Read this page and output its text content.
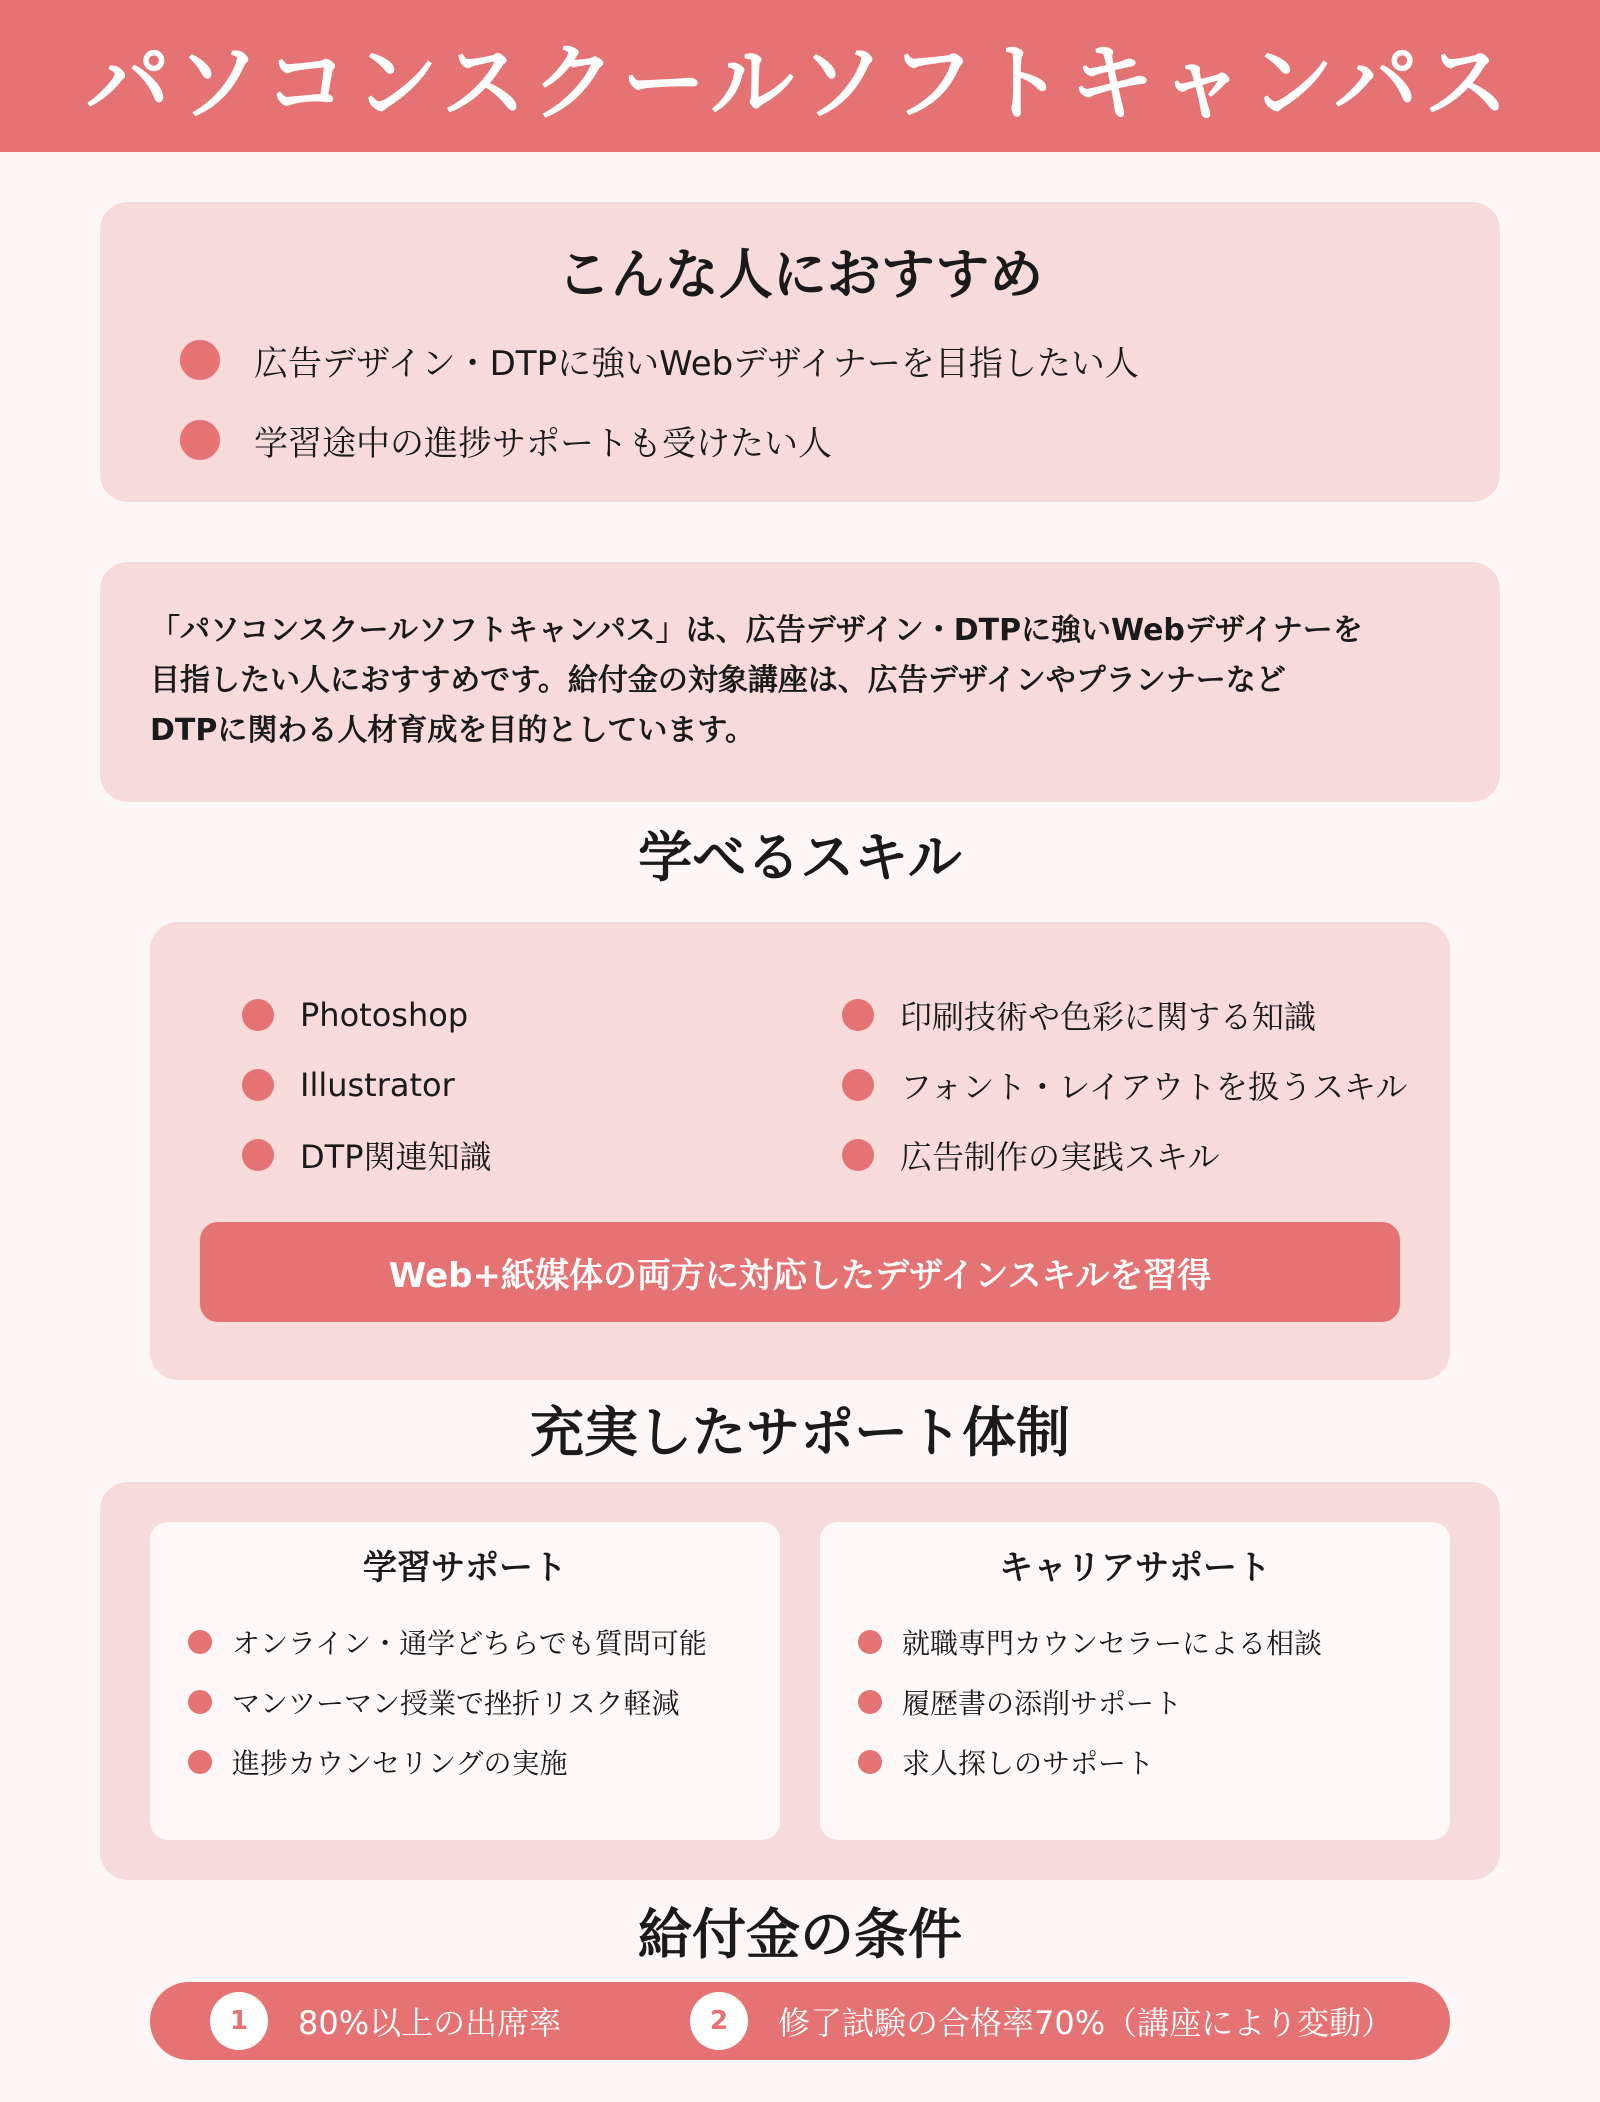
パソコンスクールソフトキャンパス
こんな人におすすめ
広告デザイン・DTPに強いWebデザイナーを目指したい人
学習途中の進捗サポートも受けたい人

「パソコンスクールソフトキャンパス」は、広告デザイン・DTPに強いWebデザイナーを
目指したい人におすすめです。給付金の対象講座は、広告デザインやプランナーなど
DTPに関わる人材育成を目的としています。

学べるスキル
Photoshop
Illustrator
DTP関連知識
印刷技術や色彩に関する知識
フォント・レイアウトを扱うスキル
広告制作の実践スキル
Web+紙媒体の両方に対応したデザインスキルを習得
充実したサポート体制
学習サポート
オンライン・通学どちらでも質問可能
マンツーマン授業で挫折リスク軽減
進捗カウンセリングの実施
キャリアサポート
就職専門カウンセラーによる相談
履歴書の添削サポート
求人探しのサポート
給付金の条件
1	80%以上の出席率	2	修了試験の合格率70%（講座により変動）
